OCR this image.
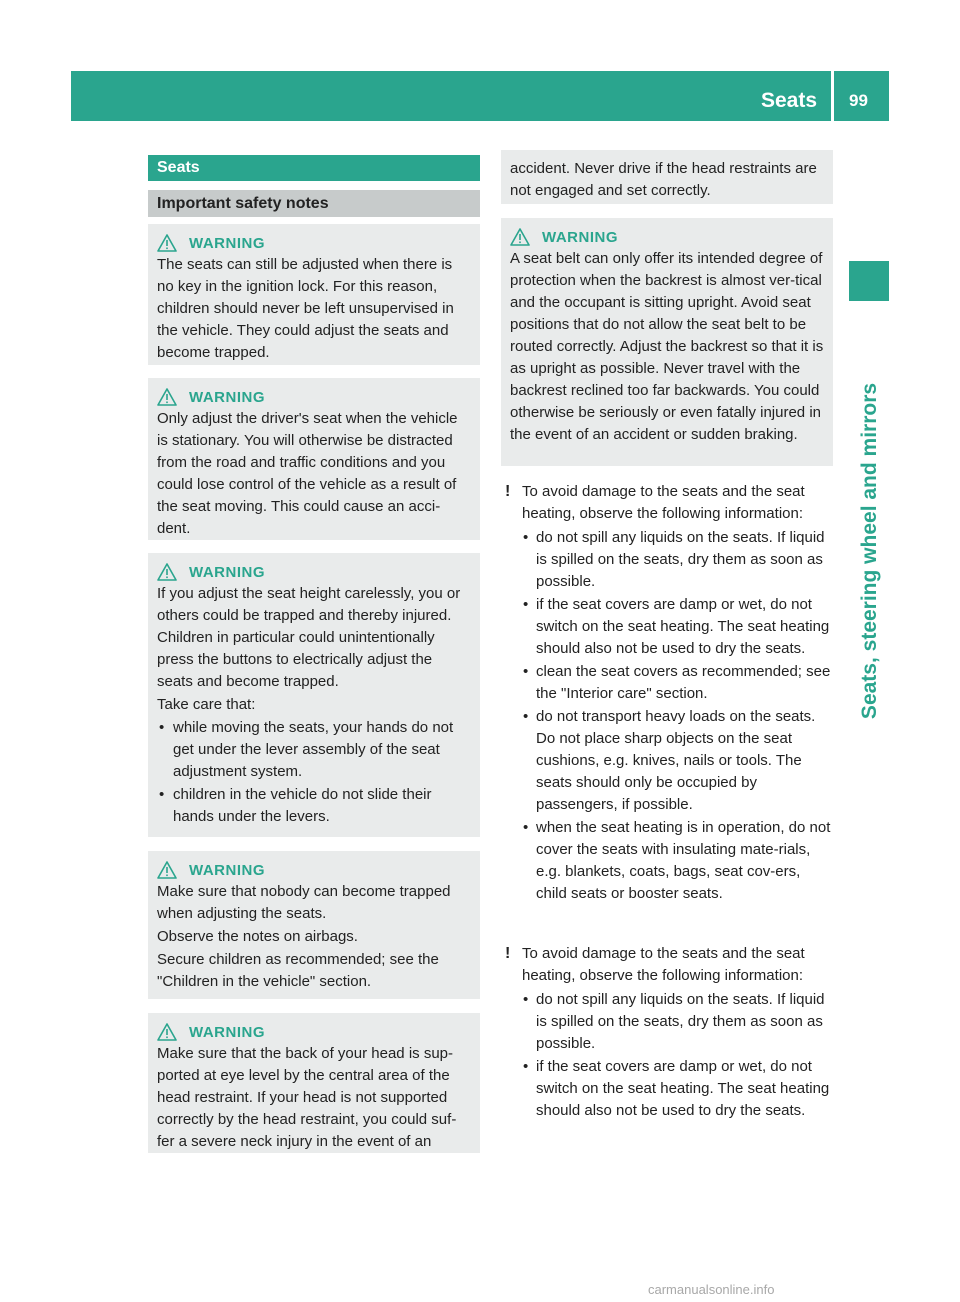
Seats 99
Seats, steering wheel and mirrors
Seats
Important safety notes
WARNING

The seats can still be adjusted when there is no key in the ignition lock. For this reason, children should never be left unsupervised in the vehicle. They could adjust the seats and become trapped.

WARNING

Only adjust the driver's seat when the vehicle is stationary. You will otherwise be distracted from the road and traffic conditions and you could lose control of the vehicle as a result of the seat moving. This could cause an acci-dent.

WARNING

If you adjust the seat height carelessly, you or others could be trapped and thereby injured. Children in particular could unintentionally press the buttons to electrically adjust the seats and become trapped.

Take care that:

• while moving the seats, your hands do not get under the lever assembly of the seat adjustment system.

• children in the vehicle do not slide their hands under the levers.

WARNING

Make sure that nobody can become trapped when adjusting the seats.

Observe the notes on airbags.

Secure children as recommended; see the "Children in the vehicle" section.

WARNING

Make sure that the back of your head is sup-ported at eye level by the central area of the head restraint. If your head is not supported correctly by the head restraint, you could suf-fer a severe neck injury in the event of an

accident. Never drive if the head restraints are not engaged and set correctly.

WARNING

A seat belt can only offer its intended degree of protection when the backrest is almost ver-tical and the occupant is sitting upright. Avoid seat positions that do not allow the seat belt to be routed correctly. Adjust the backrest so that it is as upright as possible. Never travel with the backrest reclined too far backwards. You could otherwise be seriously or even fatally injured in the event of an accident or sudden braking.

! To avoid damage to the seats and the seat heating, observe the following information:
• do not spill any liquids on the seats. If liquid is spilled on the seats, dry them as soon as possible.
• if the seat covers are damp or wet, do not switch on the seat heating. The seat heating should also not be used to dry the seats.
• clean the seat covers as recommended; see the "Interior care" section.
• do not transport heavy loads on the seats. Do not place sharp objects on the seat cushions, e.g. knives, nails or tools. The seats should only be occupied by passengers, if possible.
• when the seat heating is in operation, do not cover the seats with insulating mate-rials, e.g. blankets, coats, bags, seat cov-ers, child seats or booster seats.
! To avoid damage to the seats and the seat heating, observe the following information:
• do not spill any liquids on the seats. If liquid is spilled on the seats, dry them as soon as possible.
• if the seat covers are damp or wet, do not switch on the seat heating. The seat heating should also not be used to dry the seats.
carmanualsonline.info
